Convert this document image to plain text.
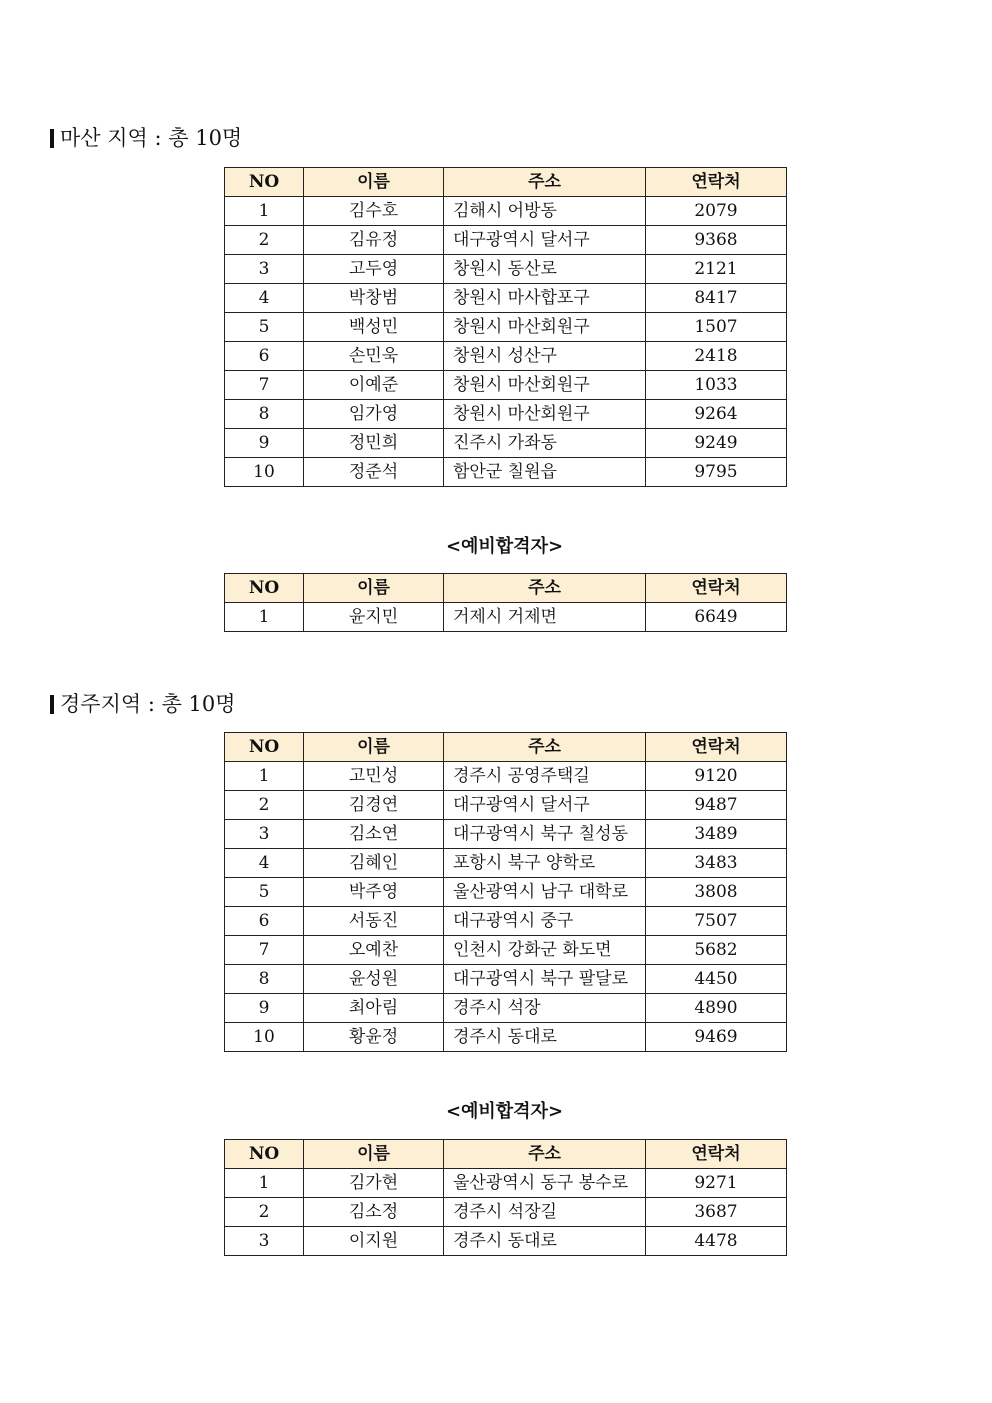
마산 지역 : 총 10명
NO	이름	주소	연락처
1	김수호	김해시 어방동	2079
2	김유정	대구광역시 달서구	9368
3	고두영	창원시 동산로	2121
4	박창범	창원시 마사합포구	8417
5	백성민	창원시 마산회원구	1507
6	손민욱	창원시 성산구	2418
7	이예준	창원시 마산회원구	1033
8	임가영	창원시 마산회원구	9264
9	정민희	진주시 가좌동	9249
10	정준석	함안군 칠원읍	9795
<예비합격자>
NO	이름	주소	연락처
1	윤지민	거제시 거제면	6649
경주지역 : 총 10명
NO	이름	주소	연락처
1	고민성	경주시 공영주택길	9120
2	김경연	대구광역시 달서구	9487
3	김소연	대구광역시 북구 칠성동	3489
4	김혜인	포항시 북구 양학로	3483
5	박주영	울산광역시 남구 대학로	3808
6	서동진	대구광역시 중구	7507
7	오예찬	인천시 강화군 화도면	5682
8	윤성원	대구광역시 북구 팔달로	4450
9	최아림	경주시 석장	4890
10	황윤정	경주시 동대로	9469
<예비합격자>
NO	이름	주소	연락처
1	김가현	울산광역시 동구 봉수로	9271
2	김소정	경주시 석장길	3687
3	이지원	경주시 동대로	4478
